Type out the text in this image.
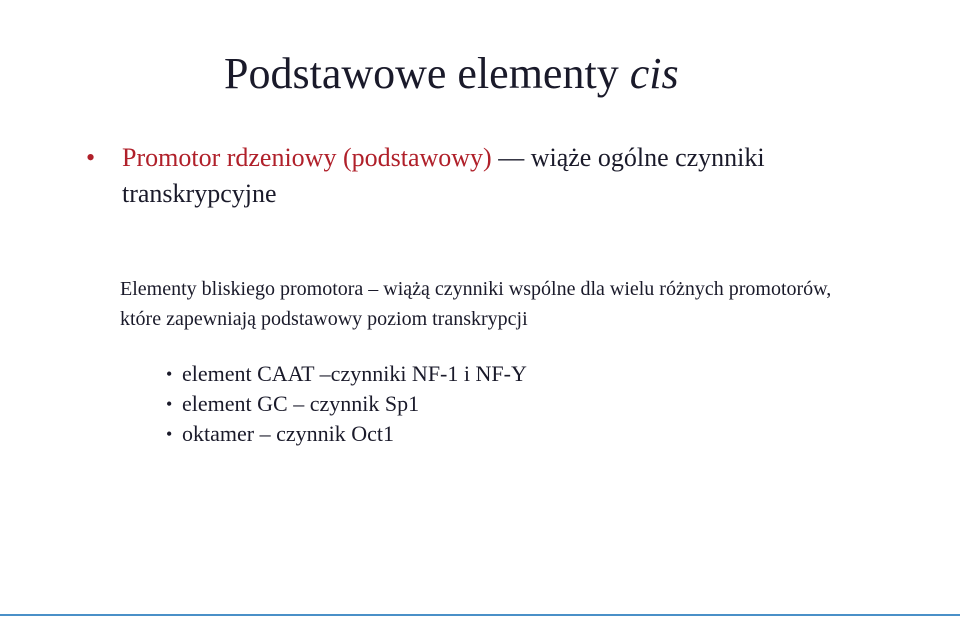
Podstawowe elementy cis
• Promotor rdzeniowy (podstawowy) — wiąże ogólne czynniki transkrypcyjne
Elementy bliskiego promotora – wiążą czynniki wspólne dla wielu różnych promotorów, które zapewniają podstawowy poziom transkrypcji
• element CAAT –czynniki NF-1 i NF-Y
• element GC – czynnik Sp1
• oktamer – czynnik Oct1
